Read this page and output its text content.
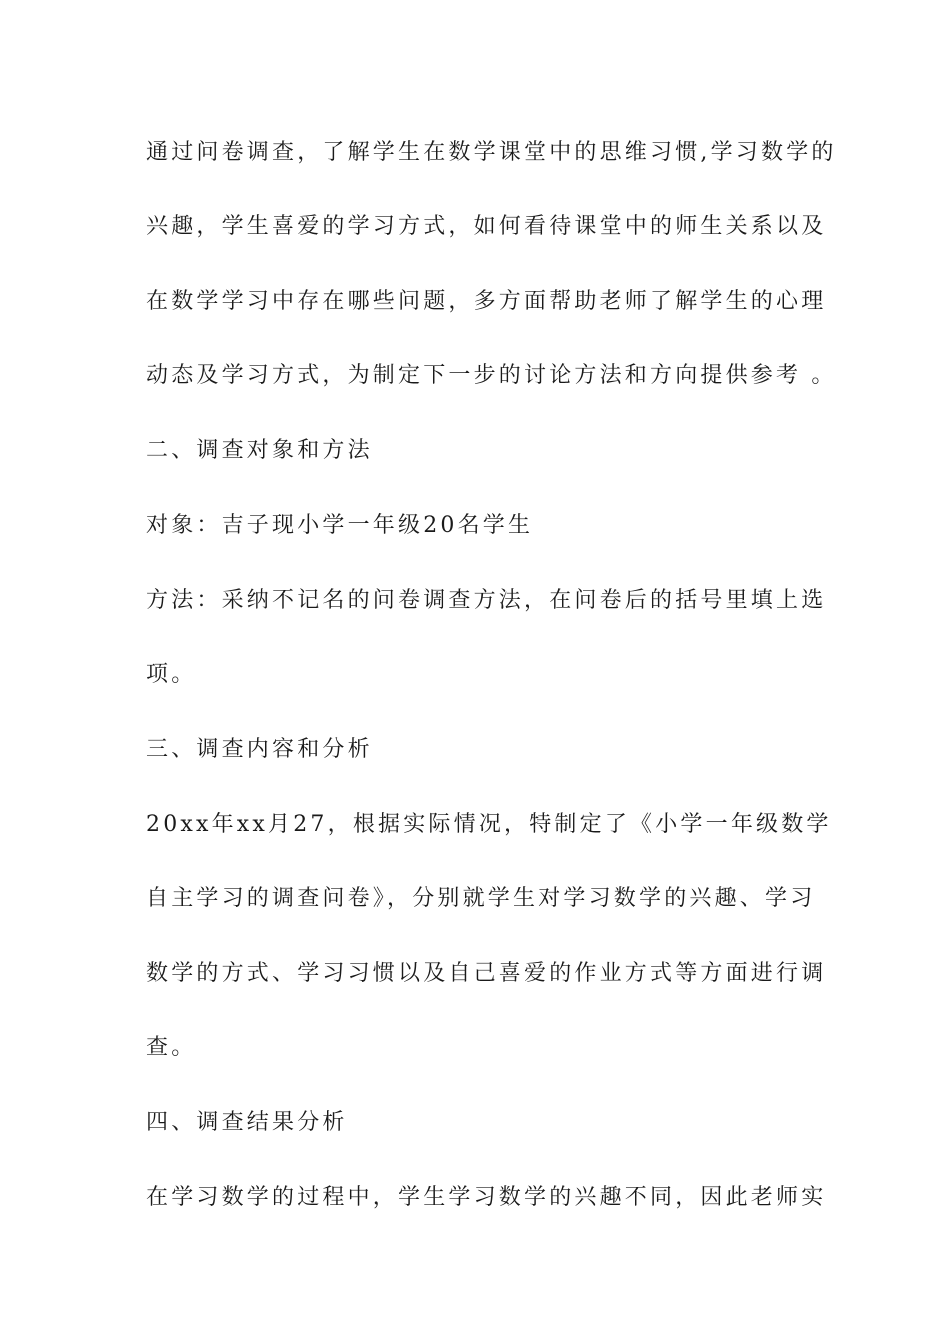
通过问卷调查，了解学生在数学课堂中的思维习惯,学习数学的
兴趣，学生喜爱的学习方式，如何看待课堂中的师生关系以及
在数学学习中存在哪些问题，多方面帮助老师了解学生的心理
动态及学习方式，为制定下一步的讨论方法和方向提供参考 。
二、调查对象和方法
对象：吉子现小学一年级20名学生
方法：采纳不记名的问卷调查方法，在问卷后的括号里填上选
项。
三、调查内容和分析
20xx年xx月27，根据实际情况，特制定了《小学一年级数学
自主学习的调查问卷》，分别就学生对学习数学的兴趣、学习
数学的方式、学习习惯以及自己喜爱的作业方式等方面进行调
查。
四、调查结果分析
在学习数学的过程中，学生学习数学的兴趣不同，因此老师实
